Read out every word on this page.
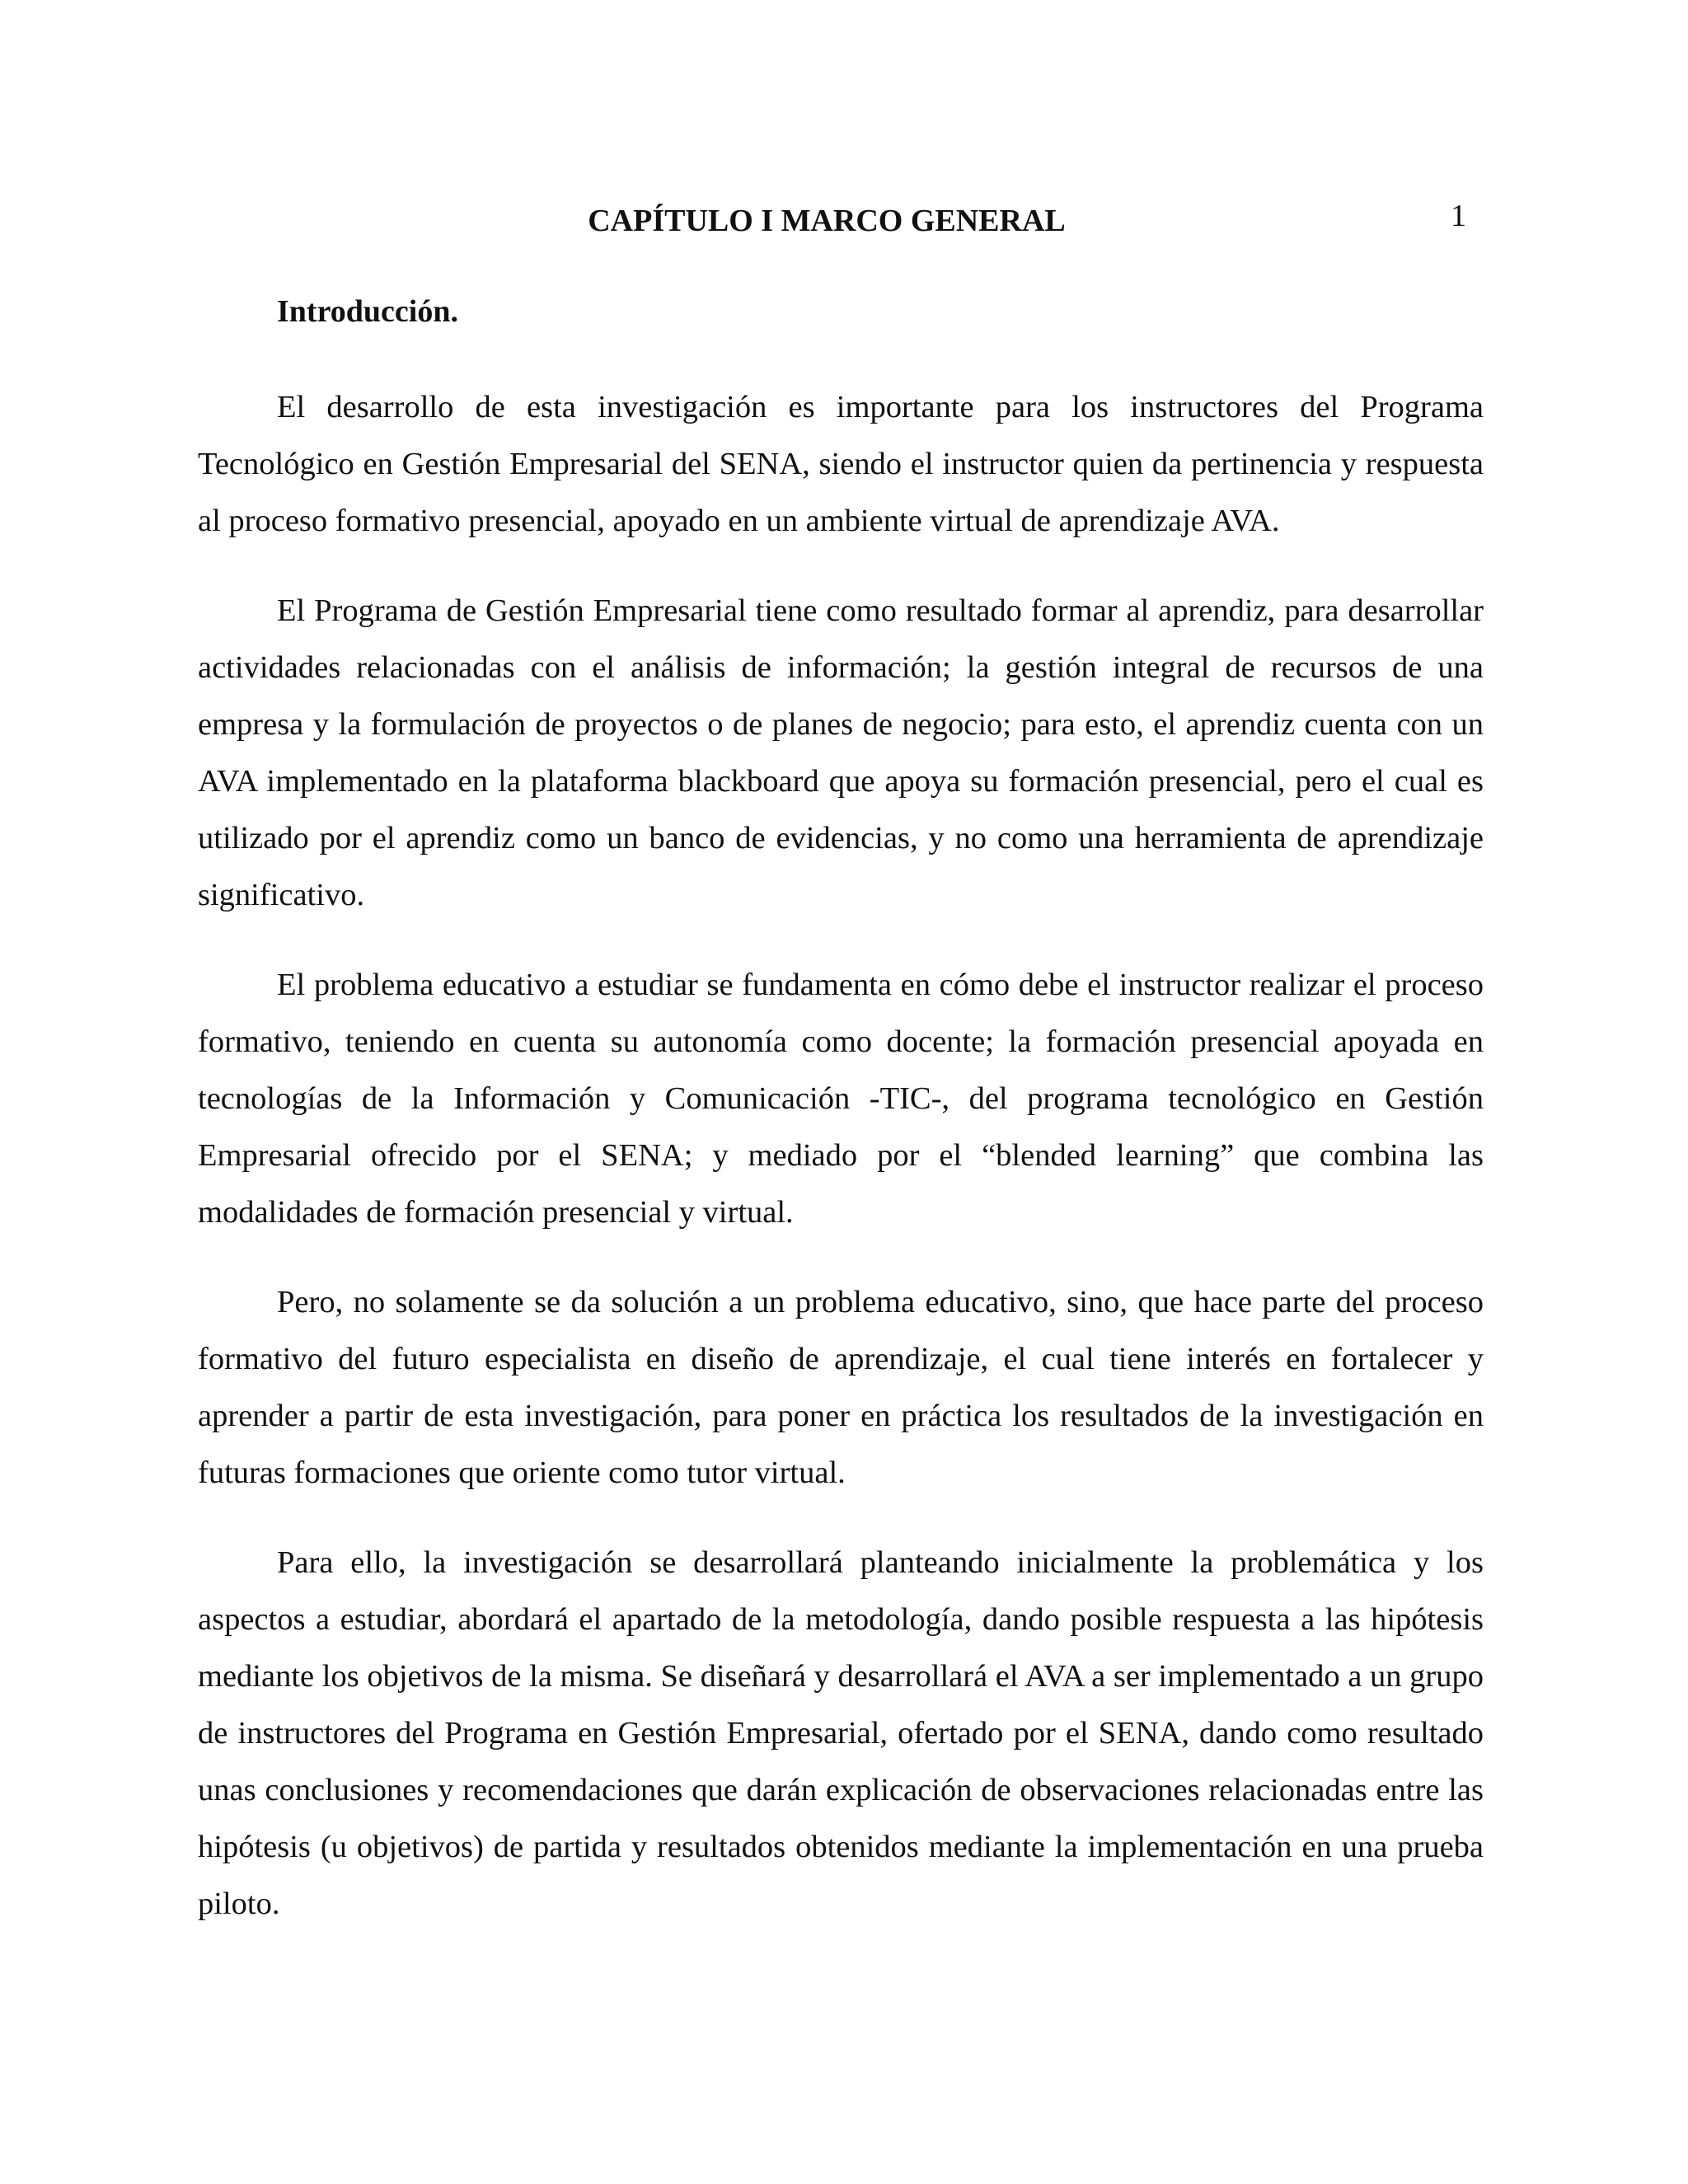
1

CAPÍTULO I MARCO GENERAL
Introducción.

El desarrollo de esta investigación es importante para los instructores del Programa Tecnológico en Gestión Empresarial del SENA, siendo el instructor quien da pertinencia y respuesta al proceso formativo presencial, apoyado en un ambiente virtual de aprendizaje AVA.

El Programa de Gestión Empresarial tiene como resultado formar al aprendiz, para desarrollar actividades relacionadas con el análisis de información; la gestión integral de recursos de una empresa y la formulación de proyectos o de planes de negocio; para esto, el aprendiz cuenta con un AVA implementado en la plataforma blackboard que apoya su formación presencial, pero el cual es utilizado por el aprendiz como un banco de evidencias, y no como una herramienta de aprendizaje significativo.

El problema educativo a estudiar se fundamenta en cómo debe el instructor realizar el proceso formativo, teniendo en cuenta su autonomía como docente; la formación presencial apoyada en tecnologías de la Información y Comunicación -TIC-, del programa tecnológico en Gestión Empresarial ofrecido por el SENA; y mediado por el “blended learning” que combina las modalidades de formación presencial y virtual.

Pero, no solamente se da solución a un problema educativo, sino, que hace parte del proceso formativo del futuro especialista en diseño de aprendizaje, el cual tiene interés en fortalecer y aprender a partir de esta investigación, para poner en práctica los resultados de la investigación en futuras formaciones que oriente como tutor virtual.

Para ello, la investigación se desarrollará planteando inicialmente la problemática y los aspectos a estudiar, abordará el apartado de la metodología, dando posible respuesta a las hipótesis mediante los objetivos de la misma. Se diseñará y desarrollará el AVA a ser implementado a un grupo de instructores del Programa en Gestión Empresarial, ofertado por el SENA, dando como resultado unas conclusiones y recomendaciones que darán explicación de observaciones relacionadas entre las hipótesis (u objetivos) de partida y resultados obtenidos mediante la implementación en una prueba piloto.
